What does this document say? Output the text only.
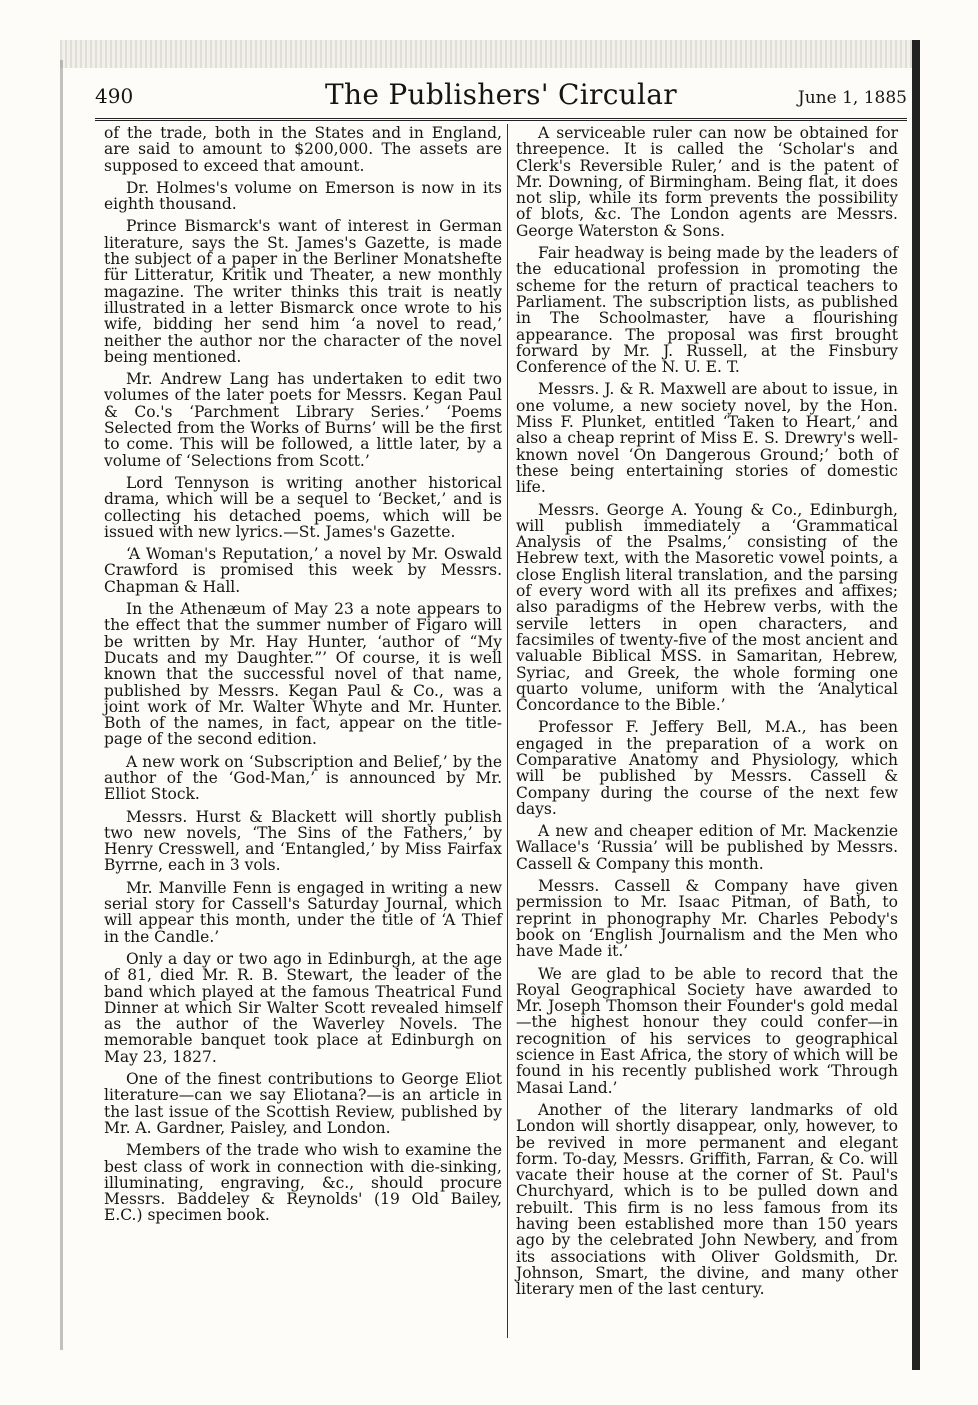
490	The Publishers' Circular	June 1, 1885

of the trade, both in the States and in England, are said to amount to $200,000. The assets are supposed to exceed that amount.

Dr. Holmes's volume on Emerson is now in its eighth thousand.

Prince Bismarck's want of interest in German literature, says the St. James's Gazette, is made the subject of a paper in the Berliner Monatshefte für Litteratur, Kritik und Theater, a new monthly magazine. The writer thinks this trait is neatly illustrated in a letter Bismarck once wrote to his wife, bidding her send him ‘a novel to read,’ neither the author nor the character of the novel being mentioned.

Mr. Andrew Lang has undertaken to edit two volumes of the later poets for Messrs. Kegan Paul & Co.'s ‘Parchment Library Series.’ ‘Poems Selected from the Works of Burns’ will be the first to come. This will be followed, a little later, by a volume of ‘Selections from Scott.’

Lord Tennyson is writing another historical drama, which will be a sequel to ‘Becket,’ and is collecting his detached poems, which will be issued with new lyrics.—St. James's Gazette.

‘A Woman's Reputation,’ a novel by Mr. Oswald Crawford is promised this week by Messrs. Chapman & Hall.

In the Athenæum of May 23 a note appears to the effect that the summer number of Figaro will be written by Mr. Hay Hunter, ‘author of “My Ducats and my Daughter.”’ Of course, it is well known that the successful novel of that name, published by Messrs. Kegan Paul & Co., was a joint work of Mr. Walter Whyte and Mr. Hunter. Both of the names, in fact, appear on the title-page of the second edition.

A new work on ‘Subscription and Belief,’ by the author of the ‘God-Man,’ is announced by Mr. Elliot Stock.

Messrs. Hurst & Blackett will shortly publish two new novels, ‘The Sins of the Fathers,’ by Henry Cresswell, and ‘Entangled,’ by Miss Fairfax Byrrne, each in 3 vols.

Mr. Manville Fenn is engaged in writing a new serial story for Cassell's Saturday Journal, which will appear this month, under the title of ‘A Thief in the Candle.’

Only a day or two ago in Edinburgh, at the age of 81, died Mr. R. B. Stewart, the leader of the band which played at the famous Theatrical Fund Dinner at which Sir Walter Scott revealed himself as the author of the Waverley Novels. The memorable banquet took place at Edinburgh on May 23, 1827.

One of the finest contributions to George Eliot literature—can we say Eliotana?—is an article in the last issue of the Scottish Review, published by Mr. A. Gardner, Paisley, and London.

Members of the trade who wish to examine the best class of work in connection with die-sinking, illuminating, engraving, &c., should procure Messrs. Baddeley & Reynolds' (19 Old Bailey, E.C.) specimen book.

A serviceable ruler can now be obtained for threepence. It is called the ‘Scholar's and Clerk's Reversible Ruler,’ and is the patent of Mr. Downing, of Birmingham. Being flat, it does not slip, while its form prevents the possibility of blots, &c. The London agents are Messrs. George Waterston & Sons.

Fair headway is being made by the leaders of the educational profession in promoting the scheme for the return of practical teachers to Parliament. The subscription lists, as published in The Schoolmaster, have a flourishing appearance. The proposal was first brought forward by Mr. J. Russell, at the Finsbury Conference of the N. U. E. T.

Messrs. J. & R. Maxwell are about to issue, in one volume, a new society novel, by the Hon. Miss F. Plunket, entitled ‘Taken to Heart,’ and also a cheap reprint of Miss E. S. Drewry's well-known novel ‘On Dangerous Ground;’ both of these being entertaining stories of domestic life.

Messrs. George A. Young & Co., Edinburgh, will publish immediately a ‘Grammatical Analysis of the Psalms,’ consisting of the Hebrew text, with the Masoretic vowel points, a close English literal translation, and the parsing of every word with all its prefixes and affixes; also paradigms of the Hebrew verbs, with the servile letters in open characters, and facsimiles of twenty-five of the most ancient and valuable Biblical MSS. in Samaritan, Hebrew, Syriac, and Greek, the whole forming one quarto volume, uniform with the ‘Analytical Concordance to the Bible.’

Professor F. Jeffery Bell, M.A., has been engaged in the preparation of a work on Comparative Anatomy and Physiology, which will be published by Messrs. Cassell & Company during the course of the next few days.

A new and cheaper edition of Mr. Mackenzie Wallace's ‘Russia’ will be published by Messrs. Cassell & Company this month.

Messrs. Cassell & Company have given permission to Mr. Isaac Pitman, of Bath, to reprint in phonography Mr. Charles Pebody's book on ‘English Journalism and the Men who have Made it.’

We are glad to be able to record that the Royal Geographical Society have awarded to Mr. Joseph Thomson their Founder's gold medal—the highest honour they could confer—in recognition of his services to geographical science in East Africa, the story of which will be found in his recently published work ‘Through Masai Land.’

Another of the literary landmarks of old London will shortly disappear, only, however, to be revived in more permanent and elegant form. To-day, Messrs. Griffith, Farran, & Co. will vacate their house at the corner of St. Paul's Churchyard, which is to be pulled down and rebuilt. This firm is no less famous from its having been established more than 150 years ago by the celebrated John Newbery, and from its associations with Oliver Goldsmith, Dr. Johnson, Smart, the divine, and many other literary men of the last century.
